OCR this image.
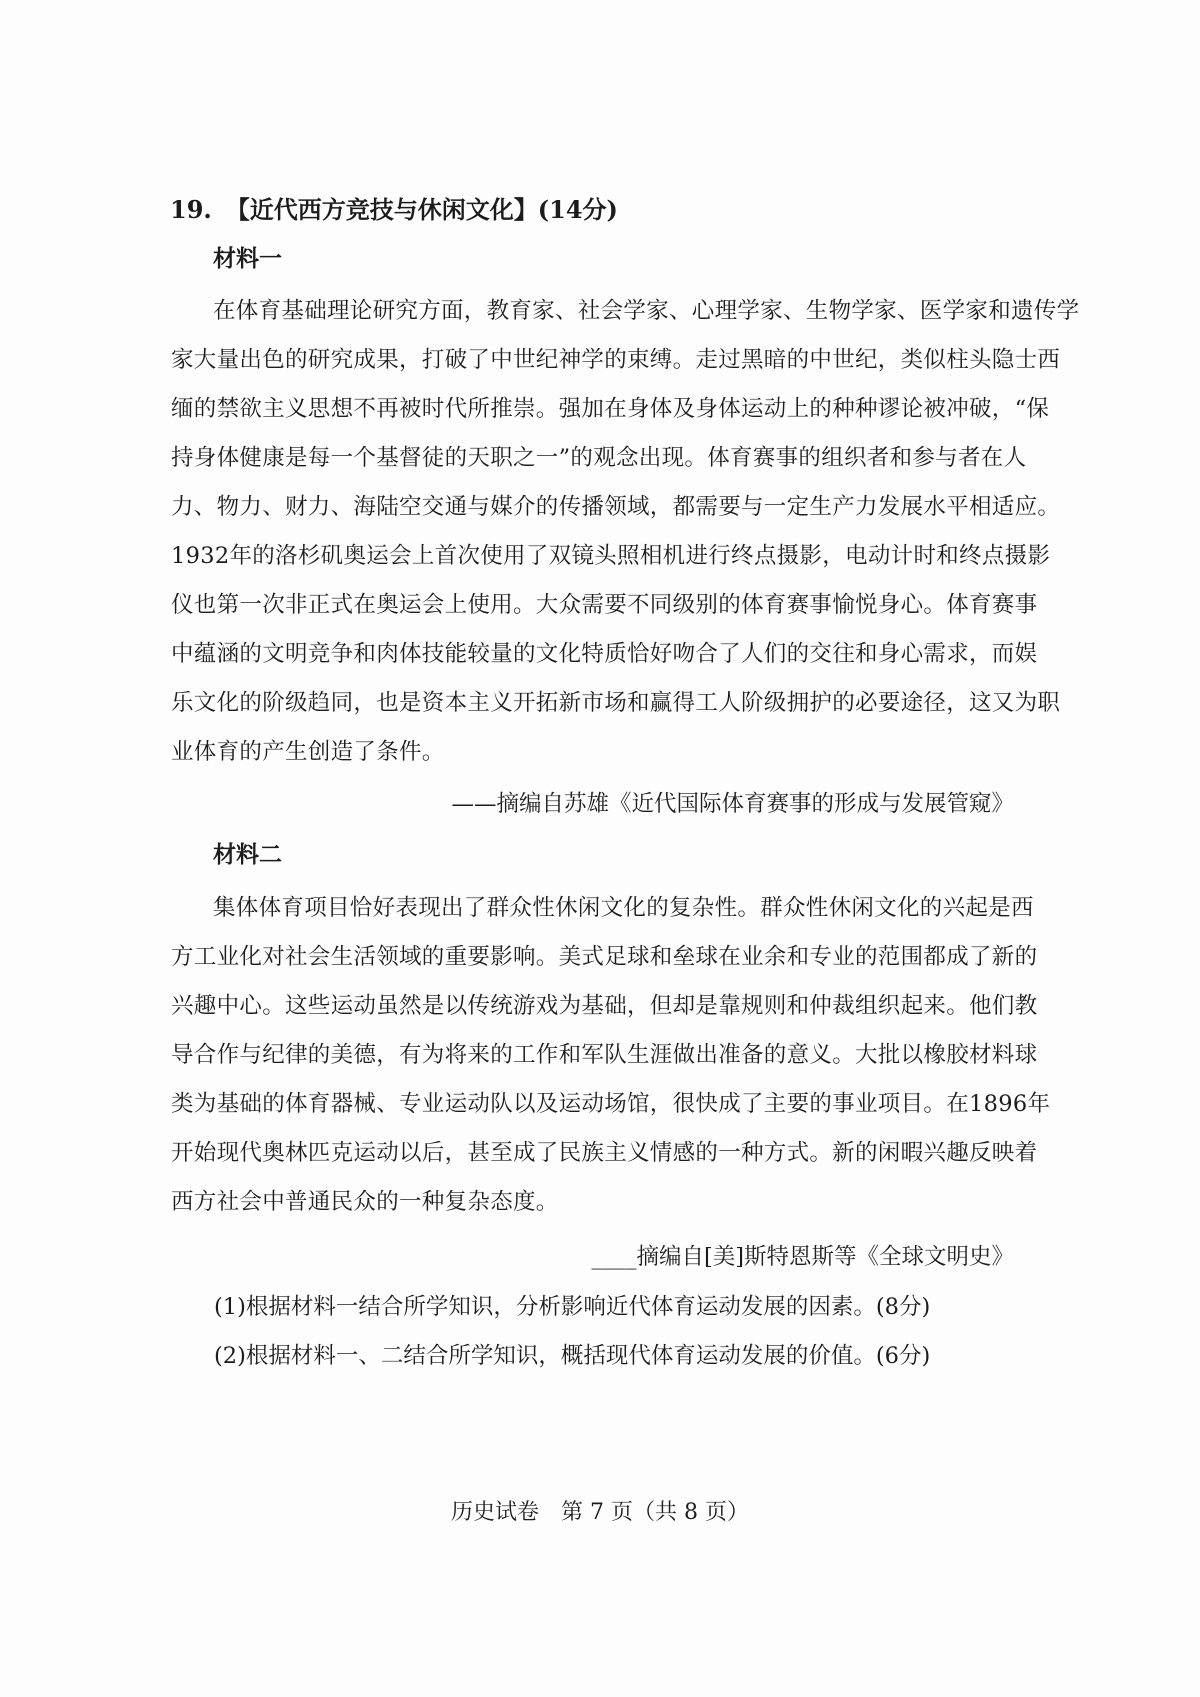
19. 【近代西方竞技与休闲文化】(14分)
材料一
在体育基础理论研究方面，教育家、社会学家、心理学家、生物学家、医学家和遗传学
家大量出色的研究成果，打破了中世纪神学的束缚。走过黑暗的中世纪，类似柱头隐士西
缅的禁欲主义思想不再被时代所推崇。强加在身体及身体运动上的种种谬论被冲破，“保
持身体健康是每一个基督徒的天职之一”的观念出现。体育赛事的组织者和参与者在人
力、物力、财力、海陆空交通与媒介的传播领域，都需要与一定生产力发展水平相适应。
1932年的洛杉矶奥运会上首次使用了双镜头照相机进行终点摄影，电动计时和终点摄影
仪也第一次非正式在奥运会上使用。大众需要不同级别的体育赛事愉悦身心。体育赛事
中蕴涵的文明竞争和肉体技能较量的文化特质恰好吻合了人们的交往和身心需求，而娱
乐文化的阶级趋同，也是资本主义开拓新市场和赢得工人阶级拥护的必要途径，这又为职
业体育的产生创造了条件。
——摘编自苏雄《近代国际体育赛事的形成与发展管窥》
材料二
集体体育项目恰好表现出了群众性休闲文化的复杂性。群众性休闲文化的兴起是西
方工业化对社会生活领域的重要影响。美式足球和垒球在业余和专业的范围都成了新的
兴趣中心。这些运动虽然是以传统游戏为基础，但却是靠规则和仲裁组织起来。他们教
导合作与纪律的美德，有为将来的工作和军队生涯做出准备的意义。大批以橡胶材料球
类为基础的体育器械、专业运动队以及运动场馆，很快成了主要的事业项目。在1896年
开始现代奥林匹克运动以后，甚至成了民族主义情感的一种方式。新的闲暇兴趣反映着
西方社会中普通民众的一种复杂态度。
____摘编自[美]斯特恩斯等《全球文明史》
(1)根据材料一结合所学知识，分析影响近代体育运动发展的因素。(8分)
(2)根据材料一、二结合所学知识，概括现代体育运动发展的价值。(6分)
历史试卷　第 7 页（共 8 页）
